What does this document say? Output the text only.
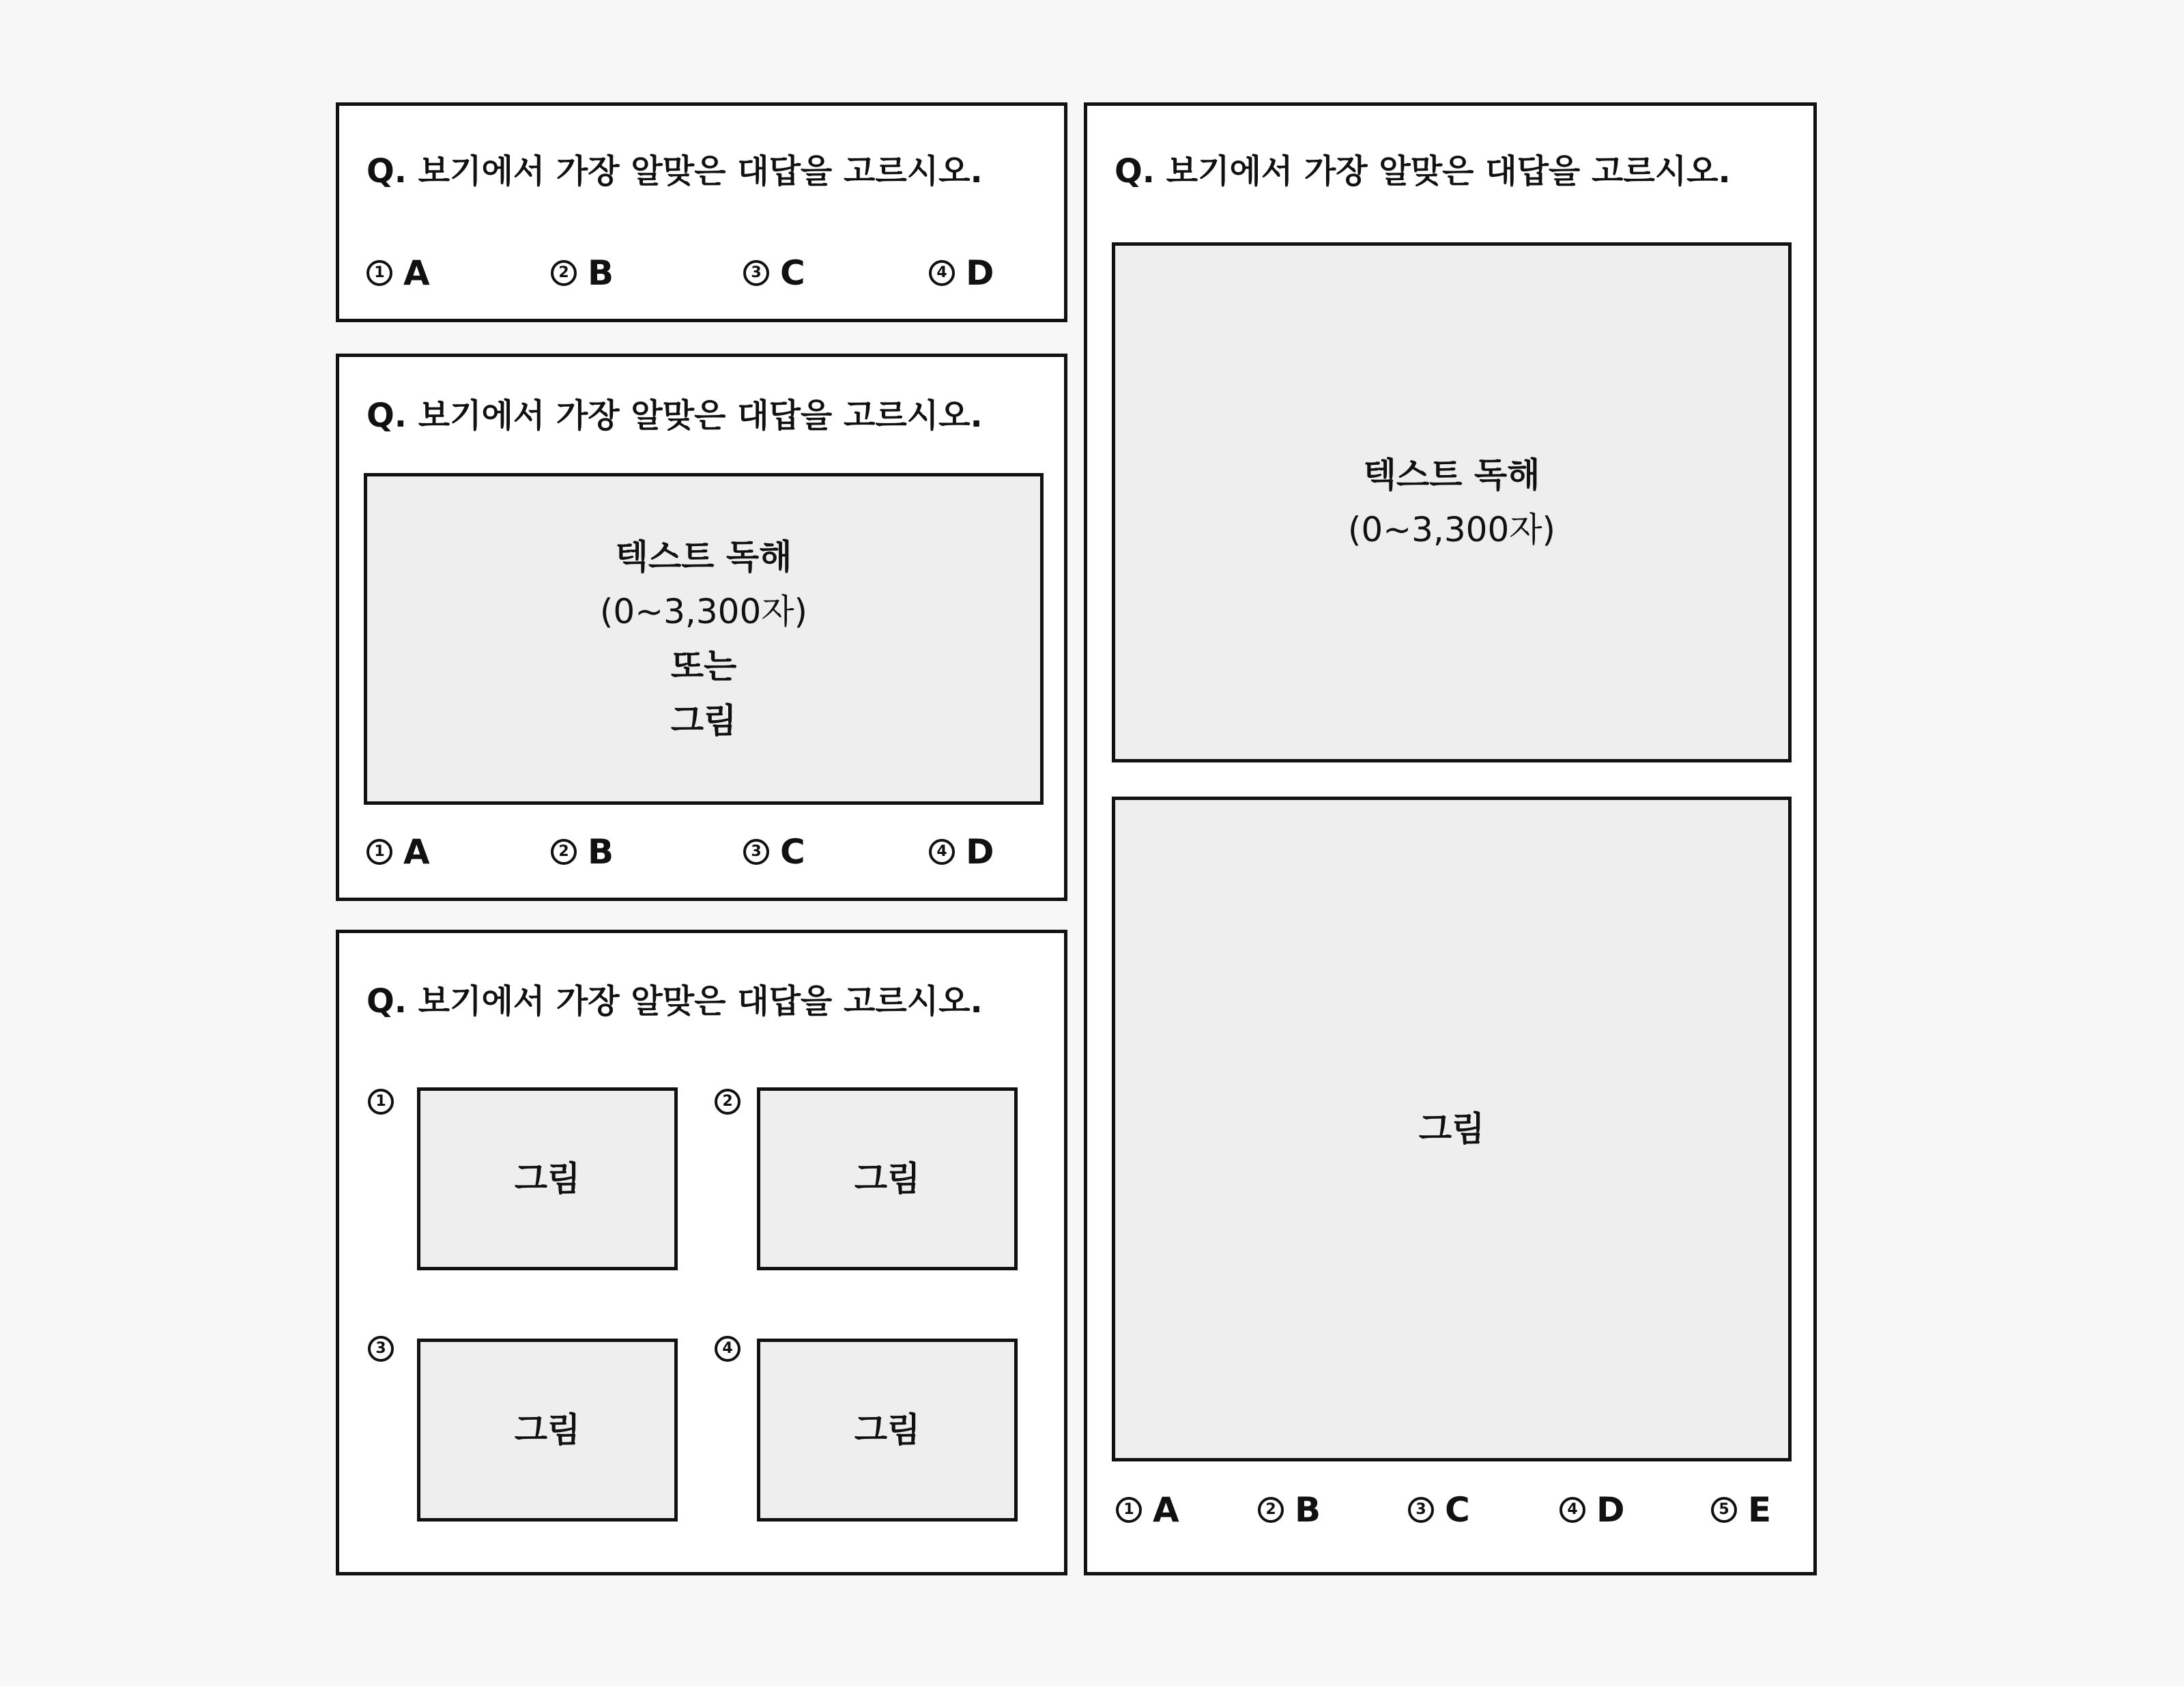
Q. 보기에서 가장 알맞은 대답을 고르시오.
1 A	2 B	3 C	4 D
Q. 보기에서 가장 알맞은 대답을 고르시오.
텍스트 독해
(0~3,300자)
또는
그림
1 A	2 B	3 C	4 D
Q. 보기에서 가장 알맞은 대답을 고르시오.
1
그림
2
그림
3
그림
4
그림
Q. 보기에서 가장 알맞은 대답을 고르시오.
텍스트 독해
(0~3,300자)
그림
1 A	2 B	3 C	4 D	5 E
